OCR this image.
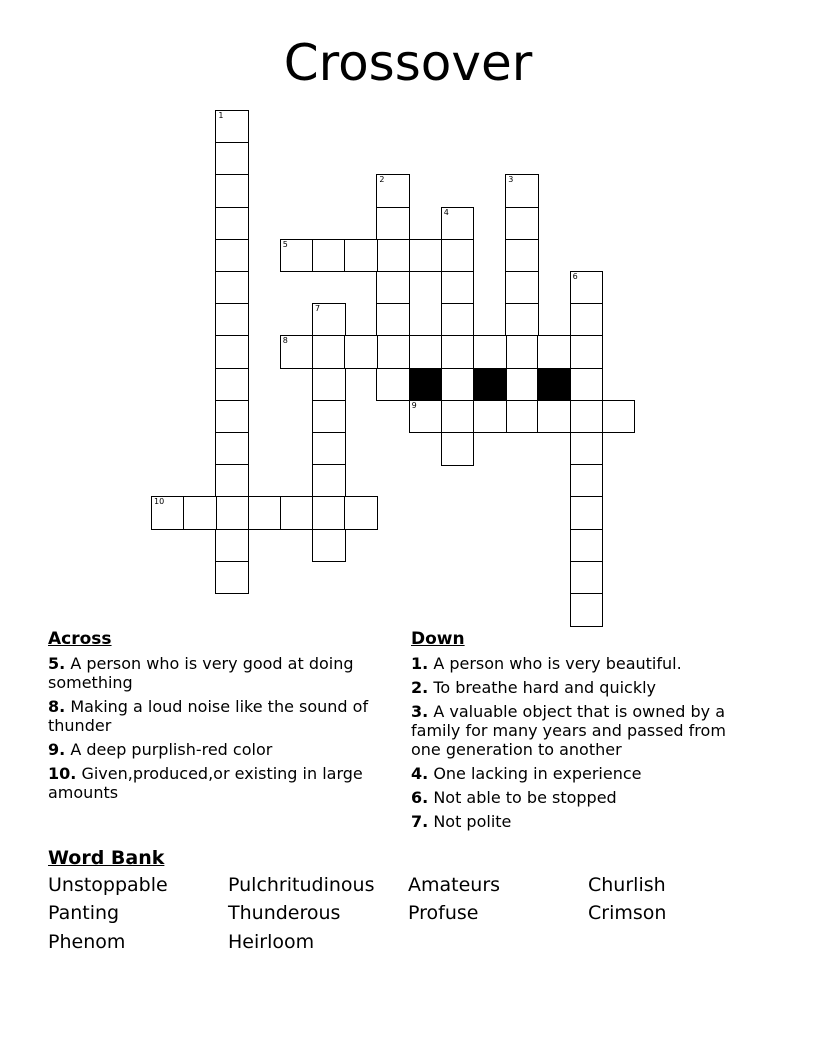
Crossover
1
2	3
4
5
6
7
8
9
10
Across
5. A person who is very good at doing something
8. Making a loud noise like the sound of thunder
9. A deep purplish-red color
10. Given,produced,or existing in large amounts
Down
1. A person who is very beautiful.
2. To breathe hard and quickly
3. A valuable object that is owned by a family for many years and passed from one generation to another
4. One lacking in experience
6. Not able to be stopped
7. Not polite
Word Bank
Unstoppable	Pulchritudinous Amateurs	Churlish
Panting	Thunderous	Profuse	Crimson
Phenom	Heirloom
